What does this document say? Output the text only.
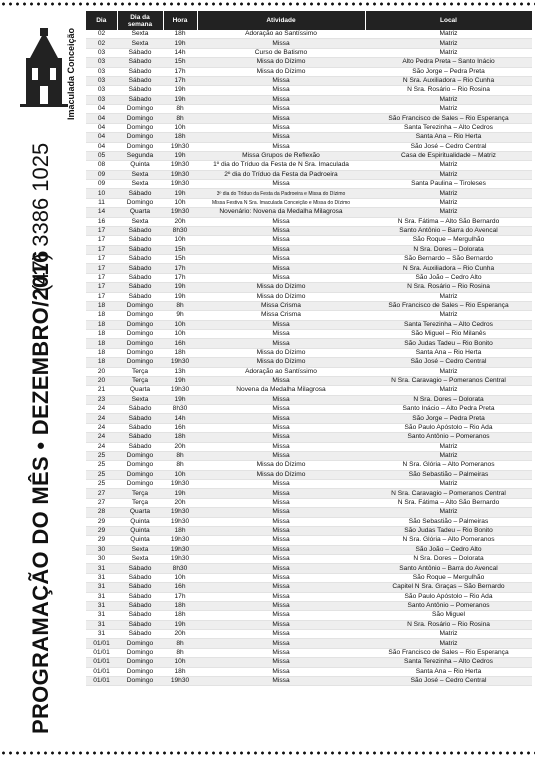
Imaculada Conceição
(47) 3386 1025
PROGRAMAÇÃO DO MÊS • DEZEMBRO/2016
Dia	Dia da semana	Hora	Atividade	Local
02	Sexta	18h	Adoração ao Santíssimo	Matriz
02	Sexta	19h	Missa	Matriz
03	Sábado	14h	Curso de Batismo	Matriz
03	Sábado	15h	Missa do Dízimo	Alto Pedra Preta – Santo Inácio
03	Sábado	17h	Missa do Dízimo	São Jorge – Pedra Preta
03	Sábado	17h	Missa	N Sra. Auxiliadora – Rio Cunha
03	Sábado	19h	Missa	N Sra. Rosário – Rio Rosina
03	Sábado	19h	Missa	Matriz
04	Domingo	8h	Missa	Matriz
04	Domingo	8h	Missa	São Francisco de Sales – Rio Esperança
04	Domingo	10h	Missa	Santa Terezinha – Alto Cedros
04	Domingo	18h	Missa	Santa Ana – Rio Herta
04	Domingo	19h30	Missa	São José – Cedro Central
05	Segunda	19h	Missa Grupos de Reflexão	Casa de Espiritualidade – Matriz
08	Quinta	19h30	1º dia do Tríduo da Festa de N Sra. Imaculada	Matriz
09	Sexta	19h30	2º dia do Tríduo da Festa da Padroeira	Matriz
09	Sexta	19h30	Missa	Santa Paulina – Tiroleses
10	Sábado	19h	3º dia do Tríduo da Festa da Padroeira e Missa do Dízimo	Matriz
11	Domingo	10h	Missa Festiva N Sra. Imaculada Conceição e Missa do Dízimo	Matriz
14	Quarta	19h30	Novenário: Novena da Medalha Milagrosa	Matriz
16	Sexta	20h	Missa	N Sra. Fátima – Alto São Bernardo
17	Sábado	8h30	Missa	Santo Antônio – Barra do Avencal
17	Sábado	10h	Missa	São Roque – Mergulhão
17	Sábado	15h	Missa	N Sra. Dores – Dolorata
17	Sábado	15h	Missa	São Bernardo – São Bernardo
17	Sábado	17h	Missa	N Sra. Auxiliadora – Rio Cunha
17	Sábado	17h	Missa	São João – Cedro Alto
17	Sábado	19h	Missa do Dízimo	N Sra. Rosário – Rio Rosina
17	Sábado	19h	Missa do Dízimo	Matriz
18	Domingo	8h	Missa Crisma	São Francisco de Sales – Rio Esperança
18	Domingo	9h	Missa Crisma	Matriz
18	Domingo	10h	Missa	Santa Terezinha – Alto Cedros
18	Domingo	10h	Missa	São Miguel – Rio Milanês
18	Domingo	16h	Missa	São Judas Tadeu – Rio Bonito
18	Domingo	18h	Missa do Dízimo	Santa Ana – Rio Herta
18	Domingo	19h30	Missa do Dízimo	São José – Cedro Central
20	Terça	13h	Adoração ao Santíssimo	Matriz
20	Terça	19h	Missa	N Sra. Caravagio – Pomeranos Central
21	Quarta	19h30	Novena da Medalha Milagrosa	Matriz
23	Sexta	19h	Missa	N Sra. Dores – Dolorata
24	Sábado	8h30	Missa	Santo Inácio – Alto Pedra Preta
24	Sábado	14h	Missa	São Jorge – Pedra Preta
24	Sábado	16h	Missa	São Paulo Apóstolo – Rio Ada
24	Sábado	18h	Missa	Santo Antônio – Pomeranos
24	Sábado	20h	Missa	Matriz
25	Domingo	8h	Missa	Matriz
25	Domingo	8h	Missa do Dízimo	N Sra. Glória – Alto Pomeranos
25	Domingo	10h	Missa do Dízimo	São Sebastião – Palmeiras
25	Domingo	19h30	Missa	Matriz
27	Terça	19h	Missa	N Sra. Caravagio – Pomeranos Central
27	Terça	20h	Missa	N Sra. Fátima – Alto São Bernardo
28	Quarta	19h30	Missa	Matriz
29	Quinta	19h30	Missa	São Sebastião – Palmeiras
29	Quinta	18h	Missa	São Judas Tadeu – Rio Bonito
29	Quinta	19h30	Missa	N Sra. Glória – Alto Pomeranos
30	Sexta	19h30	Missa	São João – Cedro Alto
30	Sexta	19h30	Missa	N Sra. Dores – Dolorata
31	Sábado	8h30	Missa	Santo Antônio – Barra do Avencal
31	Sábado	10h	Missa	São Roque – Mergulhão
31	Sábado	16h	Missa	Capitel N Sra. Graças – São Bernardo
31	Sábado	17h	Missa	São Paulo Apóstolo – Rio Ada
31	Sábado	18h	Missa	Santo Antônio – Pomeranos
31	Sábado	18h	Missa	São Miguel
31	Sábado	19h	Missa	N Sra. Rosário – Rio Rosina
31	Sábado	20h	Missa	Matriz
01/01	Domingo	8h	Missa	Matriz
01/01	Domingo	8h	Missa	São Francisco de Sales – Rio Esperança
01/01	Domingo	10h	Missa	Santa Terezinha – Alto Cedros
01/01	Domingo	18h	Missa	Santa Ana – Rio Herta
01/01	Domingo	19h30	Missa	São José – Cedro Central
